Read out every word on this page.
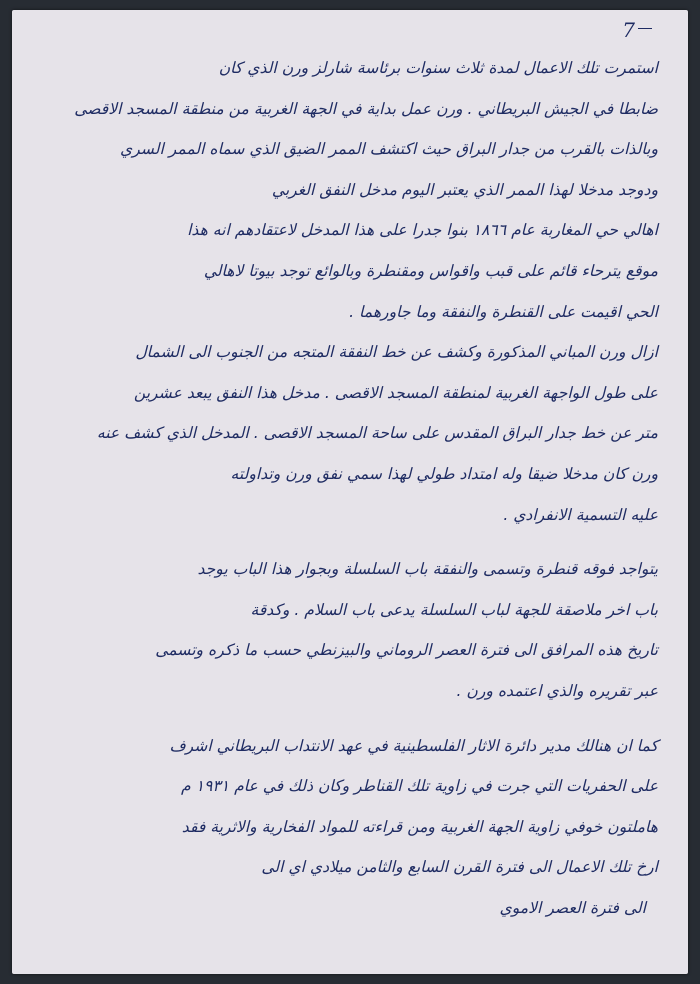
7
استمرت تلك الاعمال لمدة ثلاث سنوات برئاسة شارلز ورن الذي كان
ضابطا في الجيش البريطاني . ورن عمل بداية في الجهة الغربية من منطقة المسجد الاقصى
وبالذات بالقرب من جدار البراق حيث اكتشف الممر الضيق الذي سماه الممر السري
ودوجد مدخلا لهذا الممر الذي يعتبر اليوم مدخل النفق الغربي
اهالي حي المغاربة عام ١٨٦٦ بنوا جدرا على هذا المدخل لاعتقادهم انه هذا
موقع يترحاء قائم على قبب واقواس ومقنطرة وبالوائع توجد بيوتا لاهالي
الحي اقيمت على القنطرة والنفقة وما جاورهما .
ازال ورن المباني المذكورة وكشف عن خط النفقة المتجه من الجنوب الى الشمال
على طول الواجهة الغربية لمنطقة المسجد الاقصى . مدخل هذا النفق يبعد عشرين
متر عن خط جدار البراق المقدس على ساحة المسجد الاقصى . المدخل الذي كشف عنه
ورن كان مدخلا ضيقا وله امتداد طولي لهذا سمي نفق ورن وتداولته
عليه التسمية الانفرادي .
يتواجد فوقه قنطرة وتسمى والنفقة باب السلسلة وبجوار هذا الباب يوجد
باب اخر ملاصقة للجهة لباب السلسلة يدعى باب السلام . وكدقة
تاريخ هذه المرافق الى فترة العصر الروماني والبيزنطي حسب ما ذكره وتسمى
عبر تقريره والذي اعتمده ورن .
كما ان هنالك مدير دائرة الاثار الفلسطينية في عهد الانتداب البريطاني اشرف
على الحفريات التي جرت في زاوية تلك القناطر وكان ذلك في عام ١٩٣١ م
هاملتون خوفي زاوية الجهة الغربية ومن قراءته للمواد الفخارية والاثرية فقد
ارخ تلك الاعمال الى فترة القرن السابع والثامن ميلادي اي الى
الى فترة العصر الاموي
